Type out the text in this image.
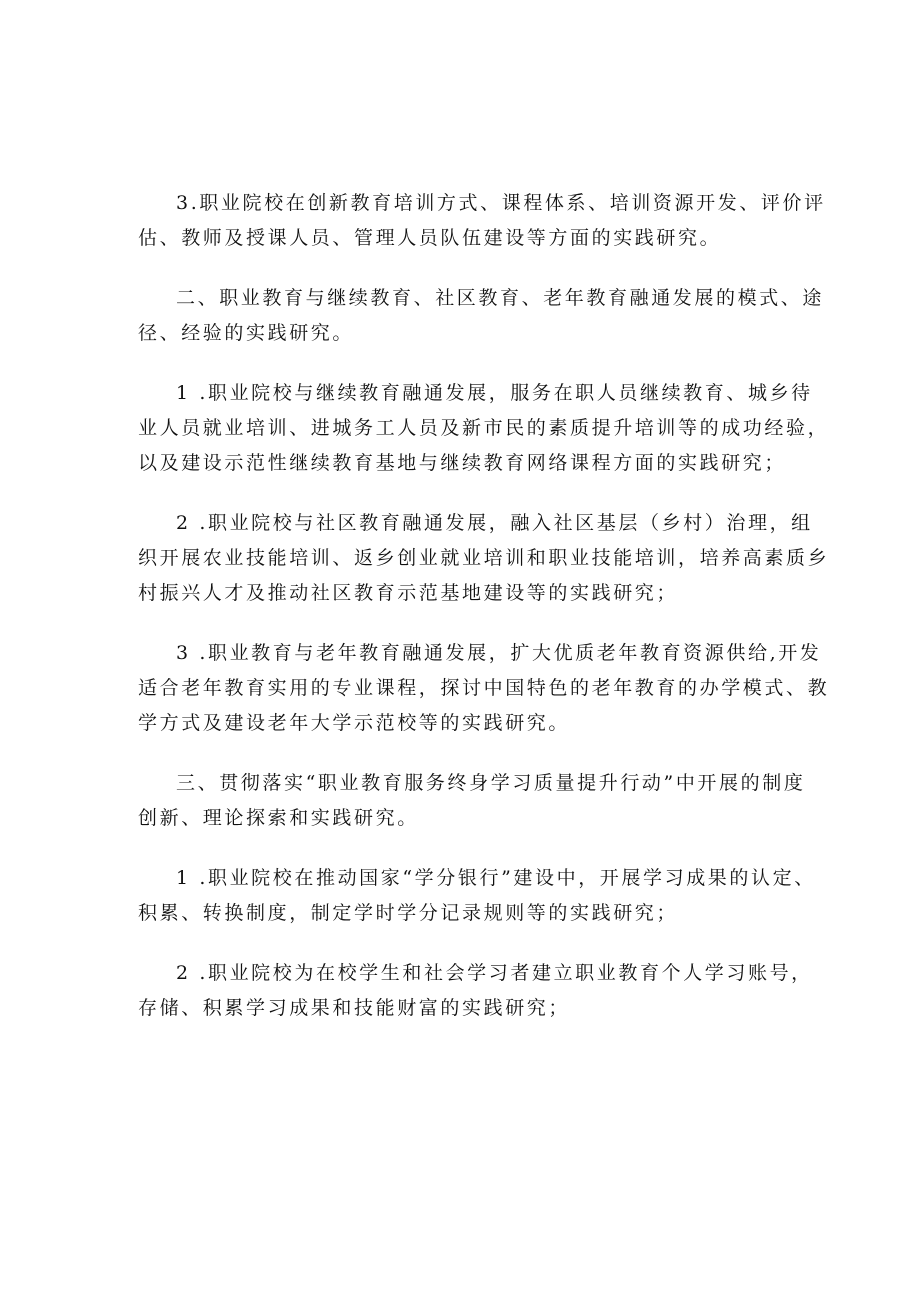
3.职业院校在创新教育培训方式、课程体系、培训资源开发、评价评
估、教师及授课人员、管理人员队伍建设等方面的实践研究。

二、职业教育与继续教育、社区教育、老年教育融通发展的模式、途
径、经验的实践研究。

1 .职业院校与继续教育融通发展，服务在职人员继续教育、城乡待
业人员就业培训、进城务工人员及新市民的素质提升培训等的成功经验，
以及建设示范性继续教育基地与继续教育网络课程方面的实践研究；

2 .职业院校与社区教育融通发展，融入社区基层（乡村）治理，组
织开展农业技能培训、返乡创业就业培训和职业技能培训，培养高素质乡
村振兴人才及推动社区教育示范基地建设等的实践研究；

3 .职业教育与老年教育融通发展，扩大优质老年教育资源供给,开发
适合老年教育实用的专业课程，探讨中国特色的老年教育的办学模式、教
学方式及建设老年大学示范校等的实践研究。

三、贯彻落实“职业教育服务终身学习质量提升行动”中开展的制度
创新、理论探索和实践研究。

1 .职业院校在推动国家“学分银行”建设中，开展学习成果的认定、
积累、转换制度，制定学时学分记录规则等的实践研究；

2 .职业院校为在校学生和社会学习者建立职业教育个人学习账号，
存储、积累学习成果和技能财富的实践研究；
